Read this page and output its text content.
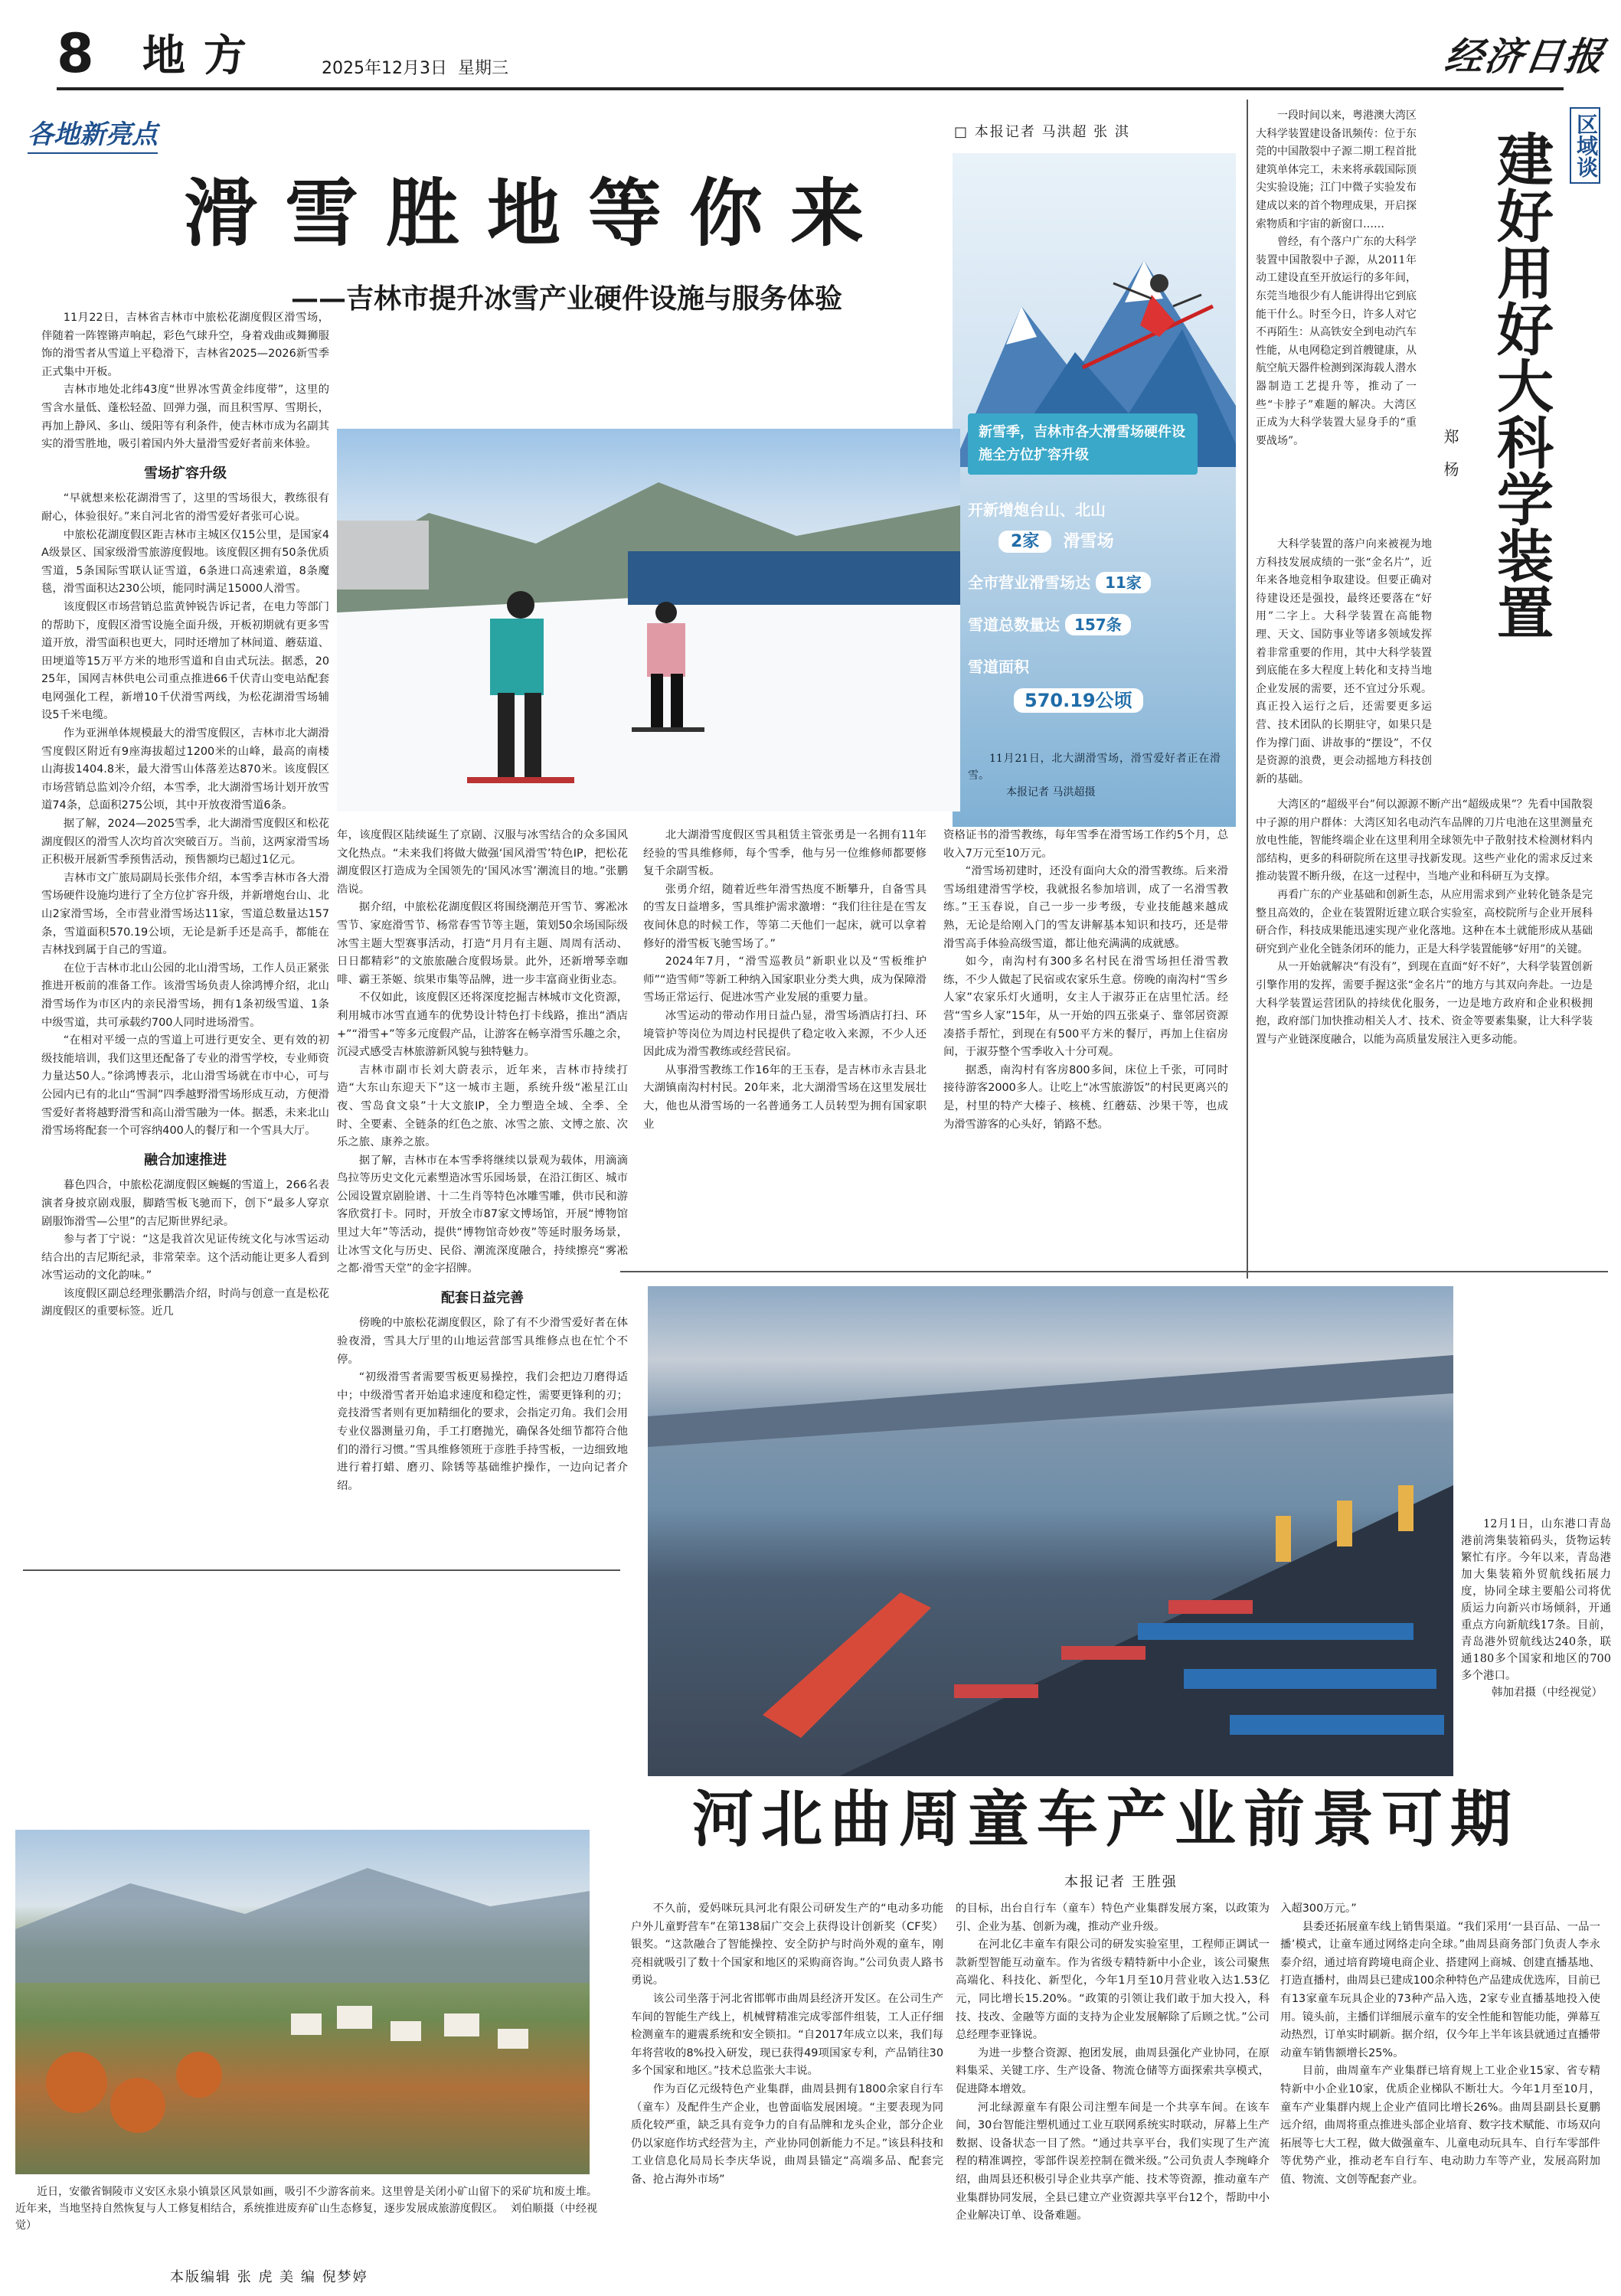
8 地方	2025年12月3日 星期三	经济日报
各地新亮点	□ 本报记者 马洪超 张 淇
滑雪胜地等你来
——吉林市提升冰雪产业硬件设施与服务体验
新雪季，吉林市各大滑雪场硬件设施全方位扩容升级
开新增炮台山、北山
2家 滑雪场
全市营业滑雪场达 11家
雪道总数量达 157条
雪道面积
570.19公顷
11月21日，北大湖滑雪场，滑雪爱好者正在滑雪。
本报记者 马洪超摄

11月22日，吉林省吉林市中旅松花湖度假区滑雪场，伴随着一阵铿锵声响起，彩色气球升空，身着戏曲或舞狮服饰的滑雪者从雪道上平稳滑下，吉林省2025—2026新雪季正式集中开板。

吉林市地处北纬43度“世界冰雪黄金纬度带”，这里的雪含水量低、蓬松轻盈、回弹力强，而且积雪厚、雪期长，再加上静风、多山、缓阳等有利条件，使吉林市成为名副其实的滑雪胜地，吸引着国内外大量滑雪爱好者前来体验。

雪场扩容升级

“早就想来松花湖滑雪了，这里的雪场很大，教练很有耐心，体验很好。”来自河北省的滑雪爱好者张可心说。

中旅松花湖度假区距吉林市主城区仅15公里，是国家4A级景区、国家级滑雪旅游度假地。该度假区拥有50条优质雪道，5条国际雪联认证雪道，6条进口高速索道，8条魔毯，滑雪面积达230公顷，能同时满足15000人滑雪。

该度假区市场营销总监黄钟锐告诉记者，在电力等部门的帮助下，度假区滑雪设施全面升级，开板初期就有更多雪道开放，滑雪面积也更大，同时还增加了林间道、蘑菇道、田埂道等15万平方米的地形雪道和自由式玩法。据悉，2025年，国网吉林供电公司重点推进66千伏青山变电站配套电网强化工程，新增10千伏滑雪两线，为松花湖滑雪场辅设5千米电缆。

作为亚洲单体规模最大的滑雪度假区，吉林市北大湖滑雪度假区附近有9座海拔超过1200米的山峰，最高的南楼山海拔1404.8米，最大滑雪山体落差达870米。该度假区市场营销总监刘冷介绍，本雪季，北大湖滑雪场计划开放雪道74条，总面积275公顷，其中开放夜滑雪道6条。

据了解，2024—2025雪季，北大湖滑雪度假区和松花湖度假区的滑雪人次均首次突破百万。当前，这两家滑雪场正积极开展新雪季预售活动，预售额均已超过1亿元。

吉林市文广旅局副局长张伟介绍，本雪季吉林市各大滑雪场硬件设施均进行了全方位扩容升级，并新增炮台山、北山2家滑雪场，全市营业滑雪场达11家，雪道总数量达157条，雪道面积570.19公顷，无论是新手还是高手，都能在吉林找到属于自己的雪道。

在位于吉林市北山公园的北山滑雪场，工作人员正紧张推进开板前的准备工作。该滑雪场负责人徐鸿博介绍，北山滑雪场作为市区内的亲民滑雪场，拥有1条初级雪道、1条中级雪道，共可承载约700人同时进场滑雪。

“在相对平缓一点的雪道上可进行更安全、更有效的初级技能培训，我们这里还配备了专业的滑雪学校，专业师资力量达50人。”徐鸿博表示，北山滑雪场就在市中心，可与公园内已有的北山“雪洞”四季越野滑雪场形成互动，方便滑雪爱好者将越野滑雪和高山滑雪融为一体。据悉，未来北山滑雪场将配套一个可容纳400人的餐厅和一个雪具大厅。

融合加速推进

暮色四合，中旅松花湖度假区蜿蜒的雪道上，266名表演者身披京剧戏服，脚踏雪板飞驰而下，创下“最多人穿京剧服饰滑雪—公里”的吉尼斯世界纪录。

参与者丁宁说：“这是我首次见证传统文化与冰雪运动结合出的吉尼斯纪录，非常荣幸。这个活动能让更多人看到冰雪运动的文化韵味。”

该度假区副总经理张鹏浩介绍，时尚与创意一直是松花湖度假区的重要标签。近几

年，该度假区陆续诞生了京剧、汉服与冰雪结合的众多国风文化热点。“未来我们将做大做强‘国风滑雪’特色IP，把松花湖度假区打造成为全国领先的‘国风冰雪’潮流目的地。”张鹏浩说。

据介绍，中旅松花湖度假区将围绕潮范开雪节、雾凇冰雪节、家庭滑雪节、杨常春雪节等主题，策划50余场国际级冰雪主题大型赛事活动，打造“月月有主题、周周有活动、日日都精彩”的文旅旅融合度假场景。此外，还新增琴幸咖啡、霸王茶姬、缤果市集等品牌，进一步丰富商业街业态。

不仅如此，该度假区还将深度挖掘吉林城市文化资源，利用城市冰雪直通车的优势设计特色打卡线路，推出“酒店+”“滑雪+”等多元度假产品，让游客在畅享滑雪乐趣之余，沉浸式感受吉林旅游新风貌与独特魅力。

吉林市副市长刘大蔚表示，近年来，吉林市持续打造“大东山东迎天下”这一城市主题，系统升级“凇星江山夜、雪岛食文泉”十大文旅IP，全力塑造全域、全季、全时、全要素、全链条的红色之旅、冰雪之旅、文博之旅、次乐之旅、康养之旅。

据了解，吉林市在本雪季将继续以景观为载体，用滴滴鸟拉等历史文化元素塑造冰雪乐园场景，在沿江街区、城市公园设置京剧脸谱、十二生肖等特色冰雕雪雕，供市民和游客欣赏打卡。同时，开放全市87家文博场馆，开展“博物馆里过大年”等活动，提供“博物馆奇妙夜”等延时服务场景，让冰雪文化与历史、民俗、潮流深度融合，持续擦亮“雾凇之都·滑雪天堂”的金字招牌。

配套日益完善

傍晚的中旅松花湖度假区，除了有不少滑雪爱好者在体验夜滑，雪具大厅里的山地运营部雪具维修点也在忙个不停。

“初级滑雪者需要雪板更易操控，我们会把边刀磨得适中；中级滑雪者开始追求速度和稳定性，需要更锋利的刃；竞技滑雪者则有更加精细化的要求，会指定刃角。我们会用专业仪器测量刃角，手工打磨抛光，确保各处细节都符合他们的滑行习惯。”雪具维修领班于彦胜手持雪板，一边细致地进行着打蜡、磨刃、除锈等基础维护操作，一边向记者介绍。

北大湖滑雪度假区雪具租赁主管张勇是一名拥有11年经验的雪具维修师，每个雪季，他与另一位维修师都要修复千余副雪板。

张勇介绍，随着近些年滑雪热度不断攀升，自备雪具的雪友日益增多，雪具维护需求激增：“我们往往是在雪友夜间休息的时候工作，等第二天他们一起床，就可以拿着修好的滑雪板飞驰雪场了。”

2024年7月，“滑雪巡教员”新职业以及“雪板维护师”“造雪师”等新工种纳入国家职业分类大典，成为保障滑雪场正常运行、促进冰雪产业发展的重要力量。

冰雪运动的带动作用日益凸显，滑雪场酒店打扫、环境管护等岗位为周边村民提供了稳定收入来源，不少人还因此成为滑雪教练或经营民宿。

从事滑雪教练工作16年的王玉春，是吉林市永吉县北大湖镇南沟村村民。20年来，北大湖滑雪场在这里发展壮大，他也从滑雪场的一名普通务工人员转型为拥有国家职业

资格证书的滑雪教练，每年雪季在滑雪场工作约5个月，总收入7万元至10万元。

“滑雪场初建时，还没有面向大众的滑雪教练。后来滑雪场组建滑雪学校，我就报名参加培训，成了一名滑雪教练。”王玉春说，自己一步一步考级，专业技能越来越成熟，无论是给刚入门的雪友讲解基本知识和技巧，还是带滑雪高手体验高级雪道，都让他充满满的成就感。

如今，南沟村有300多名村民在滑雪场担任滑雪教练，不少人做起了民宿或农家乐生意。傍晚的南沟村“雪乡人家”农家乐灯火通明，女主人于淑芬正在店里忙活。经营“雪乡人家”15年，从一开始的四五张桌子、靠邻居资源凑搭手帮忙，到现在有500平方米的餐厅，再加上住宿房间，于淑芬整个雪季收入十分可观。

据悉，南沟村有客房800多间，床位上千张，可同时接待游客2000多人。让吃上“冰雪旅游饭”的村民更离兴的是，村里的特产大榛子、核桃、红蘑菇、沙果干等，也成为滑雪游客的心头好，销路不愁。

区域谈
建好用好大科学装置
郑 杨

一段时间以来，粤港澳大湾区大科学装置建设备讯频传：位于东莞的中国散裂中子源二期工程首批建筑单体完工，未来将承载国际顶尖实验设施；江门中微子实验发布建成以来的首个物理成果，开启探索物质和宇宙的新窗口……

曾经，有个落户广东的大科学装置中国散裂中子源，从2011年动工建设直至开放运行的多年间，东莞当地很少有人能讲得出它到底能干什么。时至今日，许多人对它不再陌生：从高铁安全到电动汽车性能，从电网稳定到首艘键康，从航空航天器件检测到深海载人潜水器制造工艺提升等，推动了一些“卡脖子”难题的解决。大湾区正成为大科学装置大显身手的“重要战场”。

大科学装置的落户向来被视为地方科技发展成绩的一张“金名片”，近年来各地竞相争取建设。但要正确对待建设还是强投，最终还要落在“好用”二字上。大科学装置在高能物理、天文、国防事业等诸多领域发挥着非常重要的作用，其中大科学装置到底能在多大程度上转化和支持当地企业发展的需要，还不宜过分乐观。真正投入运行之后，还需要更多运营、技术团队的长期驻守，如果只是作为撑门面、讲故事的“摆设”，不仅是资源的浪费，更会动摇地方科技创新的基础。

大湾区的“超级平台”何以源源不断产出“超级成果”？先看中国散裂中子源的用户群体：大湾区知名电动汽车品牌的刀片电池在这里测量充放电性能，智能终端企业在这里利用全球领先中子散射技术检测材料内部结构，更多的科研院所在这里寻找新发现。这些产业化的需求反过来推动装置不断升级，在这一过程中，当地产业和科研互为支撑。

再看广东的产业基础和创新生态，从应用需求到产业转化链条是完整且高效的，企业在装置附近建立联合实验室，高校院所与企业开展科研合作，科技成果能迅速实现产业化落地。这种在本土就能形成从基础研究到产业化全链条闭环的能力，正是大科学装置能够“好用”的关键。

从一开始就解决“有没有”，到现在直面“好不好”，大科学装置创新引擎作用的发挥，需要手握这张“金名片”的地方与其双向奔赴。一边是大科学装置运营团队的持续优化服务，一边是地方政府和企业积极拥抱，政府部门加快推动相关人才、技术、资金等要素集聚，让大科学装置与产业链深度融合，以能为高质量发展注入更多动能。

12月1日，山东港口青岛港前湾集装箱码头，货物运转繁忙有序。今年以来，青岛港加大集装箱外贸航线拓展力度，协同全球主要船公司将优质运力向新兴市场倾斜，开通重点方向新航线17条。目前，青岛港外贸航线达240条，联通180多个国家和地区的700多个港口。
韩加君摄（中经视觉）
河北曲周童车产业前景可期
本报记者 王胜强

不久前，爱妈咪玩具河北有限公司研发生产的“电动多功能户外儿童野营车”在第138届广交会上获得设计创新奖（CF奖）银奖。“这款融合了智能操控、安全防护与时尚外观的童车，刚亮相就吸引了数十个国家和地区的采购商咨询。”公司负责人路书勇说。

该公司坐落于河北省邯郸市曲周县经济开发区。在公司生产车间的智能生产线上，机械臂精准完成零部件组装，工人正仔细检测童车的避震系统和安全锁扣。“自2017年成立以来，我们每年将营收的8%投入研发，现已获得49项国家专利，产品销往30多个国家和地区。”技术总监张大丰说。

作为百亿元级特色产业集群，曲周县拥有1800余家自行车（童车）及配件生产企业，也曾面临发展困境。“主要表现为同质化较严重，缺乏具有竞争力的自有品牌和龙头企业，部分企业仍以家庭作坊式经营为主，产业协同创新能力不足。”该县科技和工业信息化局局长李庆华说，曲周县锚定“高端多品、配套完备、抢占海外市场”

的目标，出台自行车（童车）特色产业集群发展方案，以政策为引、企业为基、创新为魂，推动产业升级。

在河北亿丰童车有限公司的研发实验室里，工程师正调试一款新型智能互动童车。作为省级专精特新中小企业，该公司聚焦高端化、科技化、新型化，今年1月至10月营业收入达1.53亿元，同比增长15.20%。“政策的引领让我们敢于加大投入，科技、技改、金融等方面的支持为企业发展解除了后顾之忧。”公司总经理李亚锋说。

为进一步整合资源、抱团发展，曲周县强化产业协同，在原料集采、关键工序、生产设备、物流仓储等方面探索共享模式，促进降本增效。

河北绿源童车有限公司注塑车间是一个共享车间。在该车间，30台智能注塑机通过工业互联网系统实时联动，屏幕上生产数据、设备状态一目了然。“通过共享平台，我们实现了生产流程的精准调控，零部件误差控制在微米级。”公司负责人李琬峰介绍，曲周县还积极引导企业共享产能、技术等资源，推动童车产业集群协同发展，全县已建立产业资源共享平台12个，帮助中小企业解决订单、设备难题。

入超300万元。”

县委还拓展童车线上销售渠道。“我们采用‘一县百品、一品一播’模式，让童车通过网络走向全球。”曲周县商务部门负责人李永泰介绍，通过培育跨境电商企业、搭建网上商城、创建直播基地、打造直播村，曲周县已建成100余种特色产品建成优选库，目前已有13家童车玩具企业的73种产品入选，2家专业直播基地投入使用。镜头前，主播们详细展示童车的安全性能和智能功能，弹幕互动热烈，订单实时刷新。据介绍，仅今年上半年该县就通过直播带动童车销售额增长25%。

目前，曲周童车产业集群已培育规上工业企业15家、省专精特新中小企业10家，优质企业梯队不断壮大。今年1月至10月，童车产业集群内规上企业产值同比增长26%。曲周县副县长夏鹏远介绍，曲周将重点推进头部企业培育、数字技术赋能、市场双向拓展等七大工程，做大做强童车、儿童电动玩具车、自行车零部件等优势产业，推动老车自行车、电动助力车等产业，发展高附加值、物流、文创等配套产业。

近日，安徽省铜陵市义安区永泉小镇景区风景如画，吸引不少游客前来。这里曾是关闭小矿山留下的采矿坑和废土堆。近年来，当地坚持自然恢复与人工修复相结合，系统推进废弃矿山生态修复，逐步发展成旅游度假区。 刘伯顺摄（中经视觉）
本版编辑 张 虎 美 编 倪梦婷
